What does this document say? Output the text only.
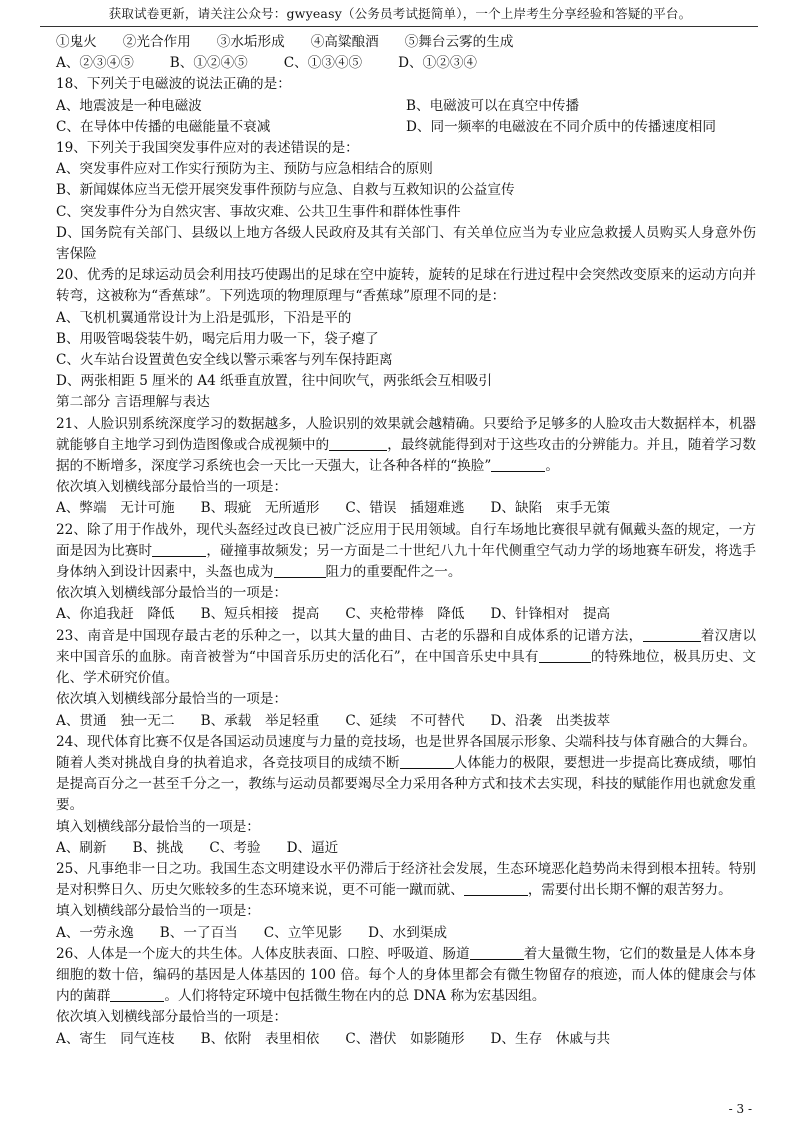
获取试卷更新，请关注公众号：gwyeasy（公务员考试挺简单），一个上岸考生分享经验和答疑的平台。
①鬼火 ②光合作用 ③水垢形成 ④高粱酿酒 ⑤舞台云雾的生成
A、②③④⑤	B、①②④⑤	C、①③④⑤	D、①②③④
18、下列关于电磁波的说法正确的是：
A、地震波是一种电磁波	B、电磁波可以在真空中传播
C、在导体中传播的电磁能量不衰减	D、同一频率的电磁波在不同介质中的传播速度相同
19、下列关于我国突发事件应对的表述错误的是：
A、突发事件应对工作实行预防为主、预防与应急相结合的原则
B、新闻媒体应当无偿开展突发事件预防与应急、自救与互救知识的公益宣传
C、突发事件分为自然灾害、事故灾难、公共卫生事件和群体性事件
D、国务院有关部门、县级以上地方各级人民政府及其有关部门、有关单位应当为专业应急救援人员购买人身意外伤害保险
20、优秀的足球运动员会利用技巧使踢出的足球在空中旋转，旋转的足球在行进过程中会突然改变原来的运动方向并转弯，这被称为“香蕉球”。下列选项的物理原理与“香蕉球”原理不同的是：
A、飞机机翼通常设计为上沿是弧形，下沿是平的
B、用吸管喝袋装牛奶，喝完后用力吸一下，袋子瘪了
C、火车站台设置黄色安全线以警示乘客与列车保持距离
D、两张相距 5 厘米的 A4 纸垂直放置，往中间吹气，两张纸会互相吸引
第二部分 言语理解与表达
21、人脸识别系统深度学习的数据越多，人脸识别的效果就会越精确。只要给予足够多的人脸攻击大数据样本，机器就能够自主地学习到伪造图像或合成视频中的	，最终就能得到对于这些攻击的分辨能力。并且，随着学习数据的不断增多，深度学习系统也会一天比一天强大，让各种各样的“换脸”	。
依次填入划横线部分最恰当的一项是：
A、弊端　无计可施 B、瑕疵　无所遁形 C、错误　插翅难逃 D、缺陷　束手无策
22、除了用于作战外，现代头盔经过改良已被广泛应用于民用领域。自行车场地比赛很早就有佩戴头盔的规定，一方面是因为比赛时	，碰撞事故频发；另一方面是二十世纪八九十年代侧重空气动力学的场地赛车研发，将选手身体纳入到设计因素中，头盔也成为	阻力的重要配件之一。
依次填入划横线部分最恰当的一项是：
A、你追我赶　降低 B、短兵相接　提高 C、夹枪带棒　降低 D、针锋相对　提高
23、南音是中国现存最古老的乐种之一，以其大量的曲目、古老的乐器和自成体系的记谱方法，	着汉唐以来中国音乐的血脉。南音被誉为“中国音乐历史的活化石”，在中国音乐史中具有	的特殊地位，极具历史、文化、学术研究价值。
依次填入划横线部分最恰当的一项是：
A、贯通　独一无二 B、承载　举足轻重 C、延续　不可替代 D、沿袭　出类拔萃
24、现代体育比赛不仅是各国运动员速度与力量的竞技场，也是世界各国展示形象、尖端科技与体育融合的大舞台。随着人类对挑战自身的执着追求，各竞技项目的成绩不断	人体能力的极限，要想进一步提高比赛成绩，哪怕是提高百分之一甚至千分之一，教练与运动员都要竭尽全力采用各种方式和技术去实现，科技的赋能作用也就愈发重要。
填入划横线部分最恰当的一项是：
A、刷新 B、挑战 C、考验 D、逼近
25、凡事绝非一日之功。我国生态文明建设水平仍滞后于经济社会发展，生态环境恶化趋势尚未得到根本扭转。特别是对积弊日久、历史欠账较多的生态环境来说，更不可能一蹴而就、	，需要付出长期不懈的艰苦努力。
填入划横线部分最恰当的一项是：
A、一劳永逸 B、一了百当 C、立竿见影 D、水到渠成
26、人体是一个庞大的共生体。人体皮肤表面、口腔、呼吸道、肠道	着大量微生物，它们的数量是人体本身细胞的数十倍，编码的基因是人体基因的 100 倍。每个人的身体里都会有微生物留存的痕迹，而人体的健康会与体内的菌群	。人们将特定环境中包括微生物在内的总 DNA 称为宏基因组。
依次填入划横线部分最恰当的一项是：
A、寄生　同气连枝 B、依附　表里相依 C、潜伏　如影随形 D、生存　休戚与共
- 3 -
